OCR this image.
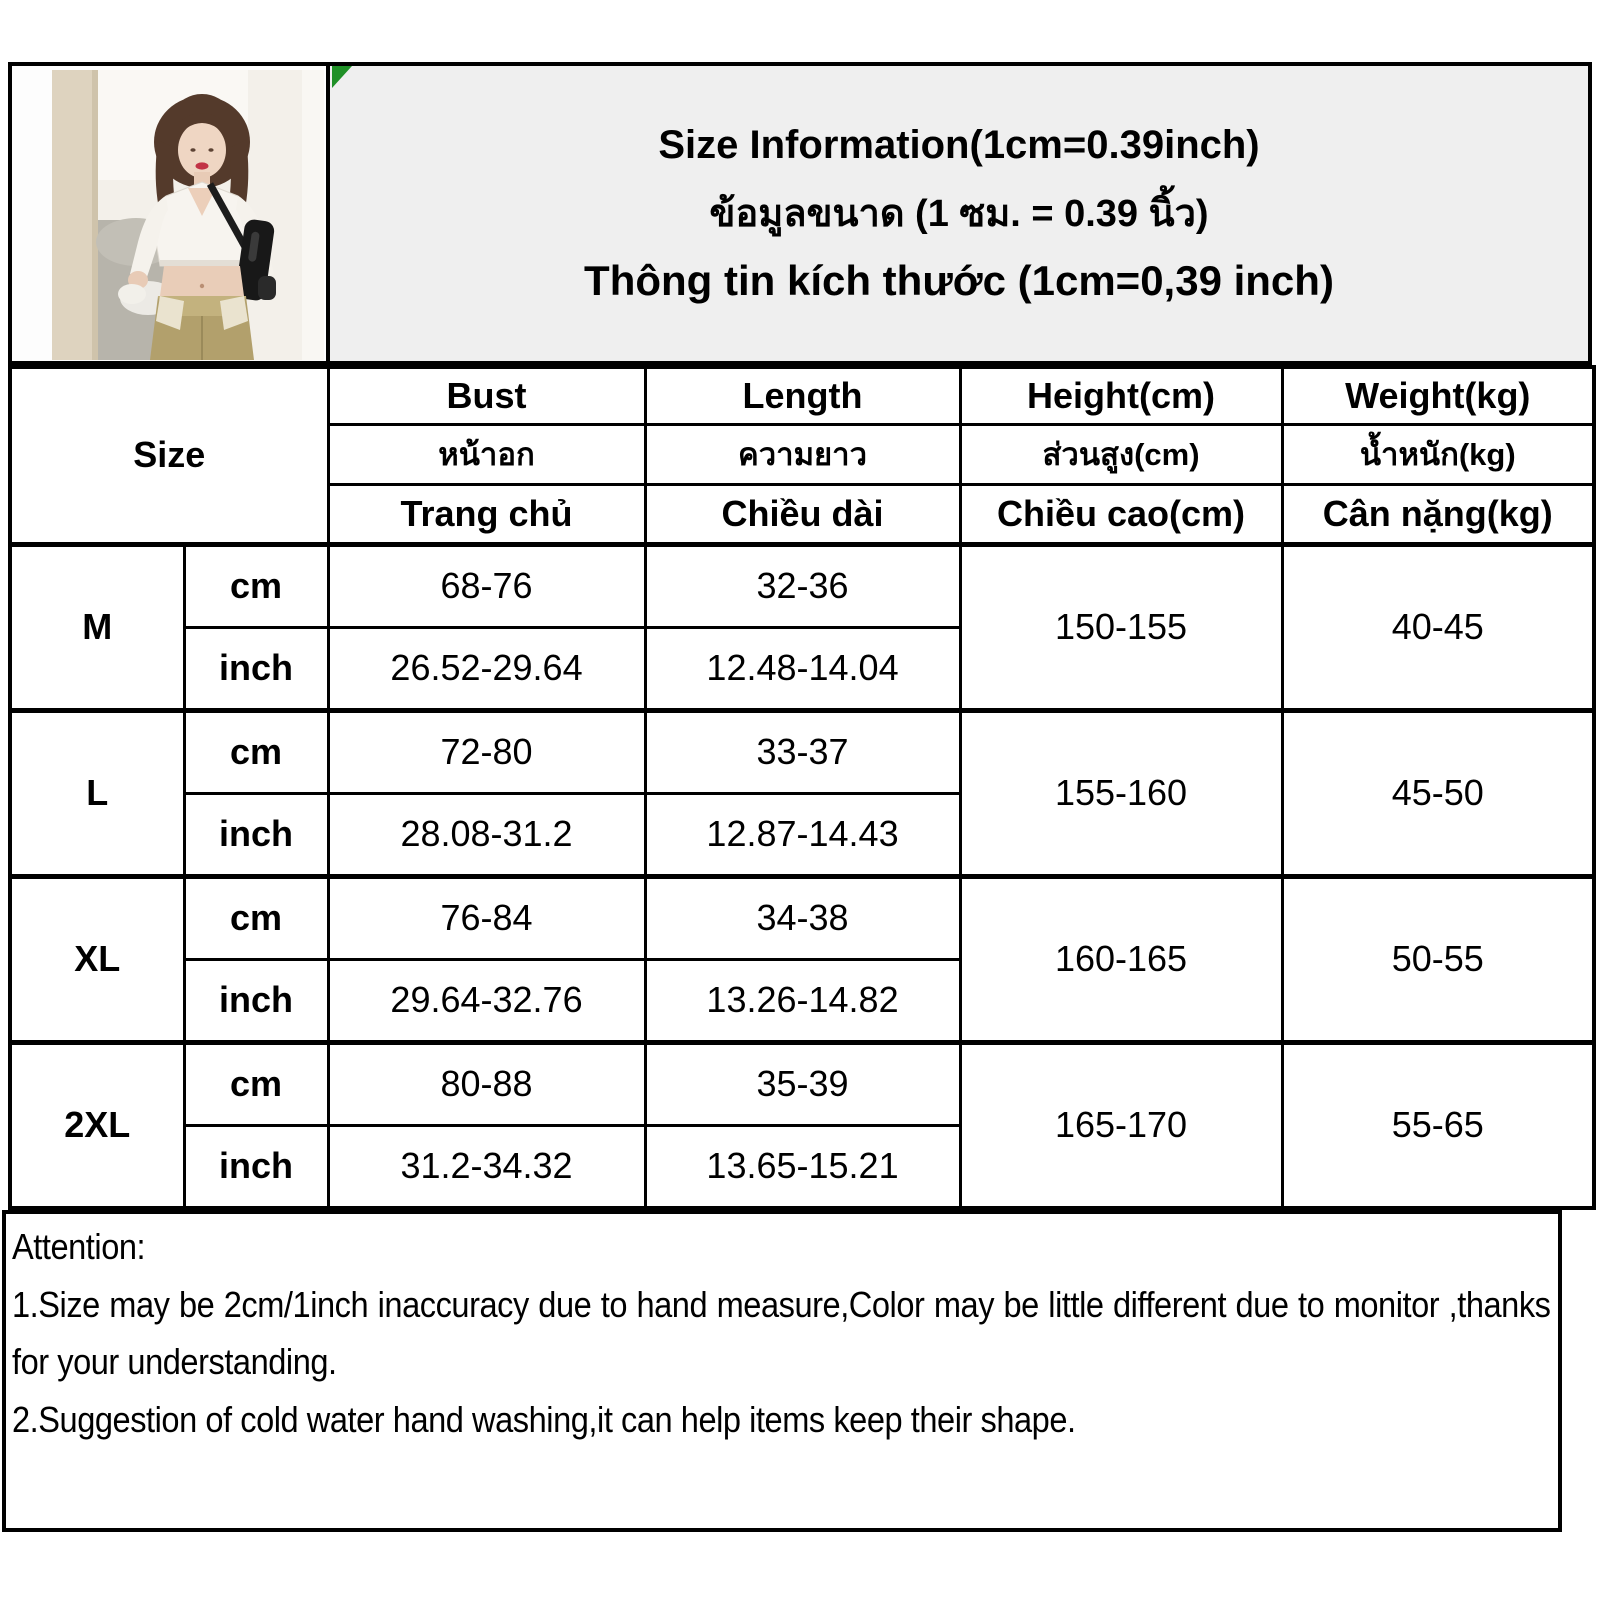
Size Information(1cm=0.39inch)
ข้อมูลขนาด (1 ซม. = 0.39 นิ้ว)
Thông tin kích thước (1cm=0,39 inch)
Size		Bust	Length	Height(cm)	Weight(kg)
		หน้าอก	ความยาว	ส่วนสูง(cm)	น้ำหนัก(kg)
		Trang chủ	Chiều dài	Chiều cao(cm)	Cân nặng(kg)
M	cm	68-76	32-36	150-155	40-45
	inch	26.52-29.64	12.48-14.04		
L	cm	72-80	33-37	155-160	45-50
	inch	28.08-31.2	12.87-14.43		
XL	cm	76-84	34-38	160-165	50-55
	inch	29.64-32.76	13.26-14.82		
2XL	cm	80-88	35-39	165-170	55-65
	inch	31.2-34.32	13.65-15.21		
Attention:
1.Size may be 2cm/1inch inaccuracy due to hand measure,Color may be little different due to monitor ,thanks for your understanding.
2.Suggestion of cold water hand washing,it can help items keep their shape.
